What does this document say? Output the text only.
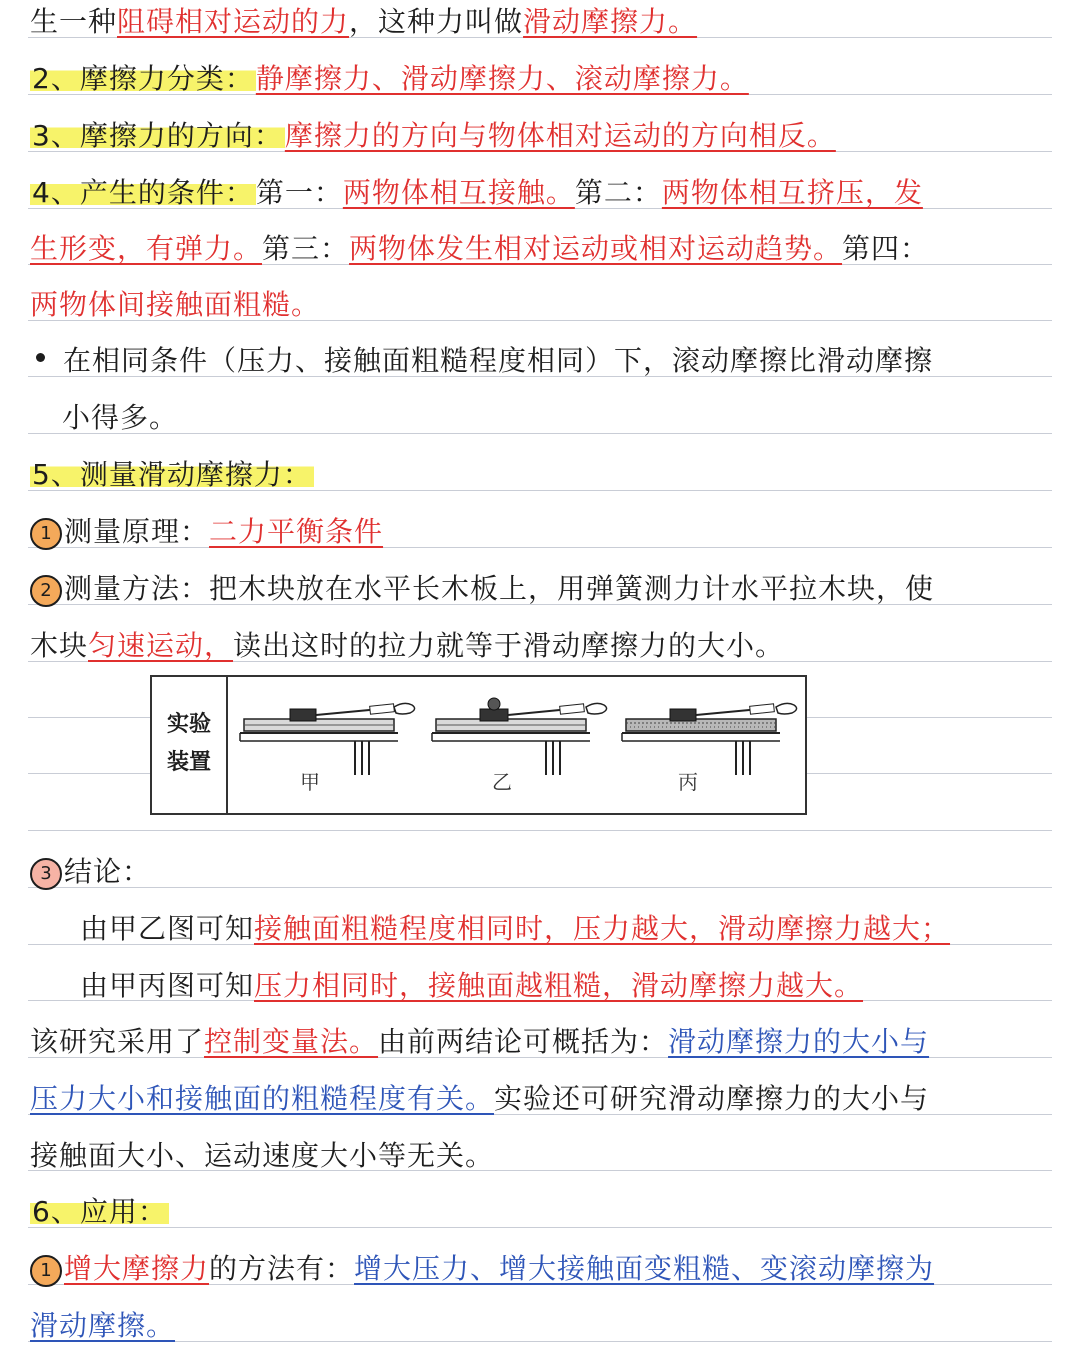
生一种阻碍相对运动的力，这种力叫做滑动摩擦力。
2、摩擦力分类：静摩擦力、滑动摩擦力、滚动摩擦力。
3、摩擦力的方向：摩擦力的方向与物体相对运动的方向相反。
4、产生的条件：第一：两物体相互接触。第二：两物体相互挤压，发
生形变，有弹力。第三：两物体发生相对运动或相对运动趋势。第四：
两物体间接触面粗糙。
在相同条件（压力、接触面粗糙程度相同）下，滚动摩擦比滑动摩擦
小得多。
5、测量滑动摩擦力：
1 测量原理：二力平衡条件
2 测量方法：把木块放在水平长木板上，用弹簧测力计水平拉木块，使
木块匀速运动，读出这时的拉力就等于滑动摩擦力的大小。
实验
装置
甲	乙	丙
3 结论：
由甲乙图可知接触面粗糙程度相同时，压力越大，滑动摩擦力越大；
由甲丙图可知压力相同时，接触面越粗糙，滑动摩擦力越大。
该研究采用了控制变量法。由前两结论可概括为：滑动摩擦力的大小与
压力大小和接触面的粗糙程度有关。实验还可研究滑动摩擦力的大小与
接触面大小、运动速度大小等无关。
6、应用：
1 增大摩擦力的方法有：增大压力、增大接触面变粗糙、变滚动摩擦为
滑动摩擦。
